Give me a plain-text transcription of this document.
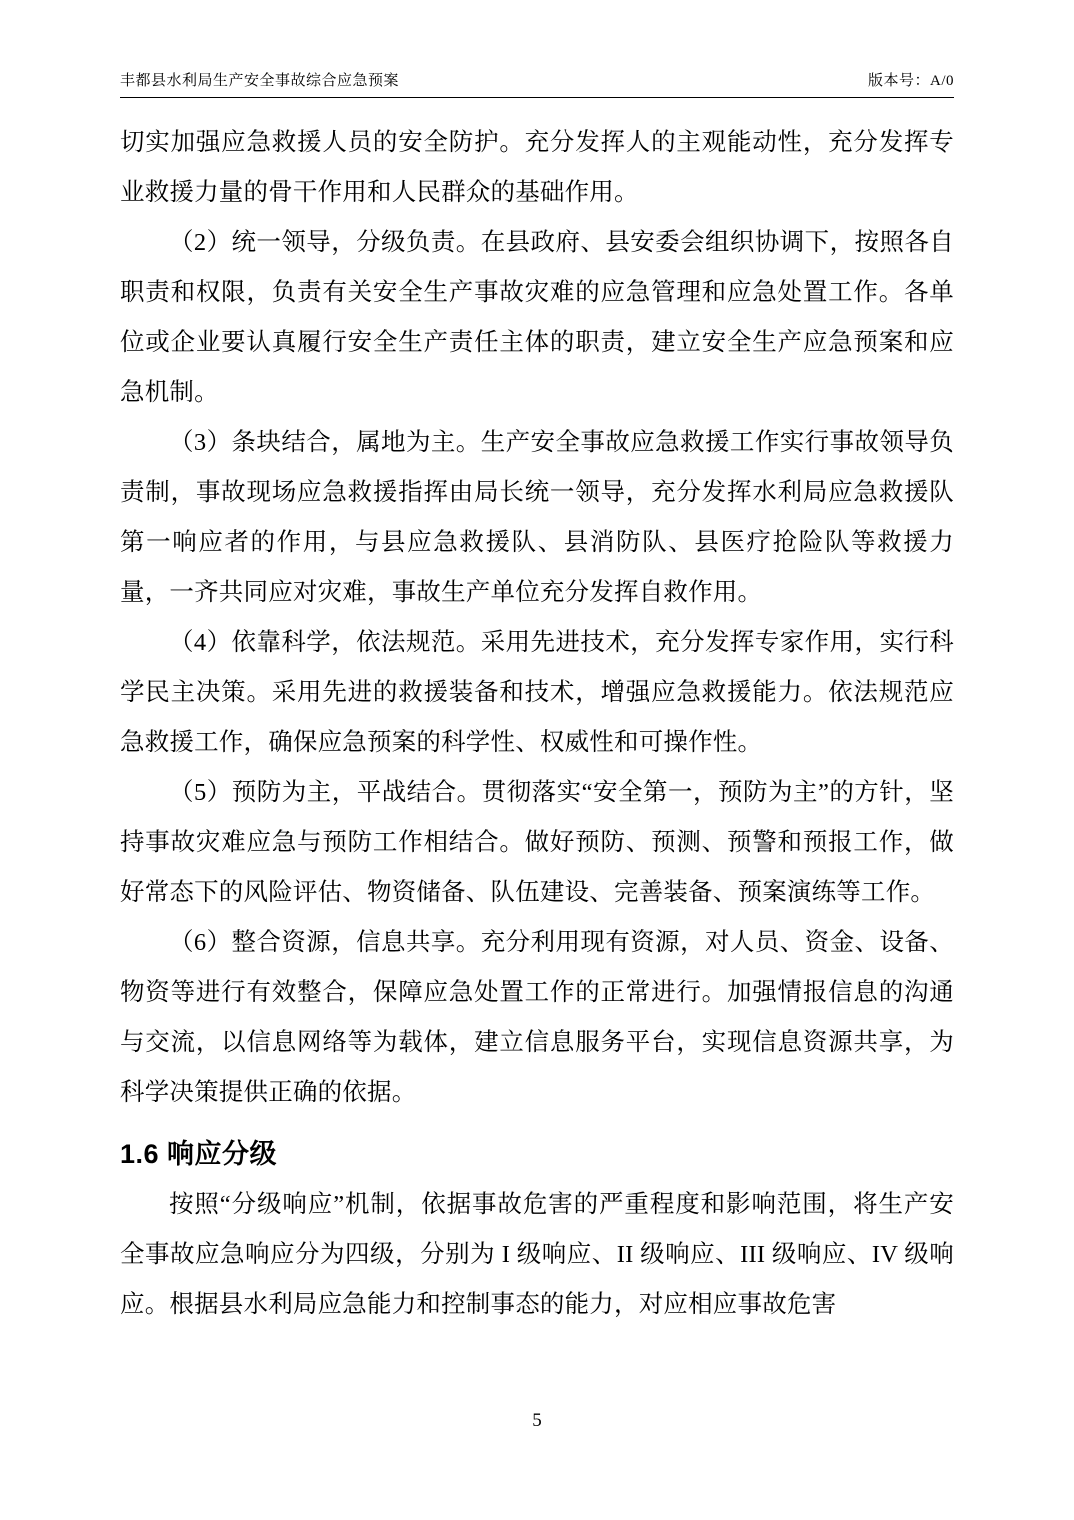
丰都县水利局生产安全事故综合应急预案	版本号：A/0

切实加强应急救援人员的安全防护。充分发挥人的主观能动性，充分发挥专业救援力量的骨干作用和人民群众的基础作用。

（2）统一领导，分级负责。在县政府、县安委会组织协调下，按照各自职责和权限，负责有关安全生产事故灾难的应急管理和应急处置工作。各单位或企业要认真履行安全生产责任主体的职责，建立安全生产应急预案和应急机制。

（3）条块结合，属地为主。生产安全事故应急救援工作实行事故领导负责制，事故现场应急救援指挥由局长统一领导，充分发挥水利局应急救援队第一响应者的作用，与县应急救援队、县消防队、县医疗抢险队等救援力量，一齐共同应对灾难，事故生产单位充分发挥自救作用。

（4）依靠科学，依法规范。采用先进技术，充分发挥专家作用，实行科学民主决策。采用先进的救援装备和技术，增强应急救援能力。依法规范应急救援工作，确保应急预案的科学性、权威性和可操作性。

（5）预防为主，平战结合。贯彻落实“安全第一，预防为主”的方针，坚持事故灾难应急与预防工作相结合。做好预防、预测、预警和预报工作，做好常态下的风险评估、物资储备、队伍建设、完善装备、预案演练等工作。

（6）整合资源，信息共享。充分利用现有资源，对人员、资金、设备、物资等进行有效整合，保障应急处置工作的正常进行。加强情报信息的沟通与交流，以信息网络等为载体，建立信息服务平台，实现信息资源共享，为科学决策提供正确的依据。

1.6 响应分级

按照“分级响应”机制，依据事故危害的严重程度和影响范围，将生产安全事故应急响应分为四级，分别为 I 级响应、II 级响应、III 级响应、IV 级响应。根据县水利局应急能力和控制事态的能力，对应相应事故危害

5
